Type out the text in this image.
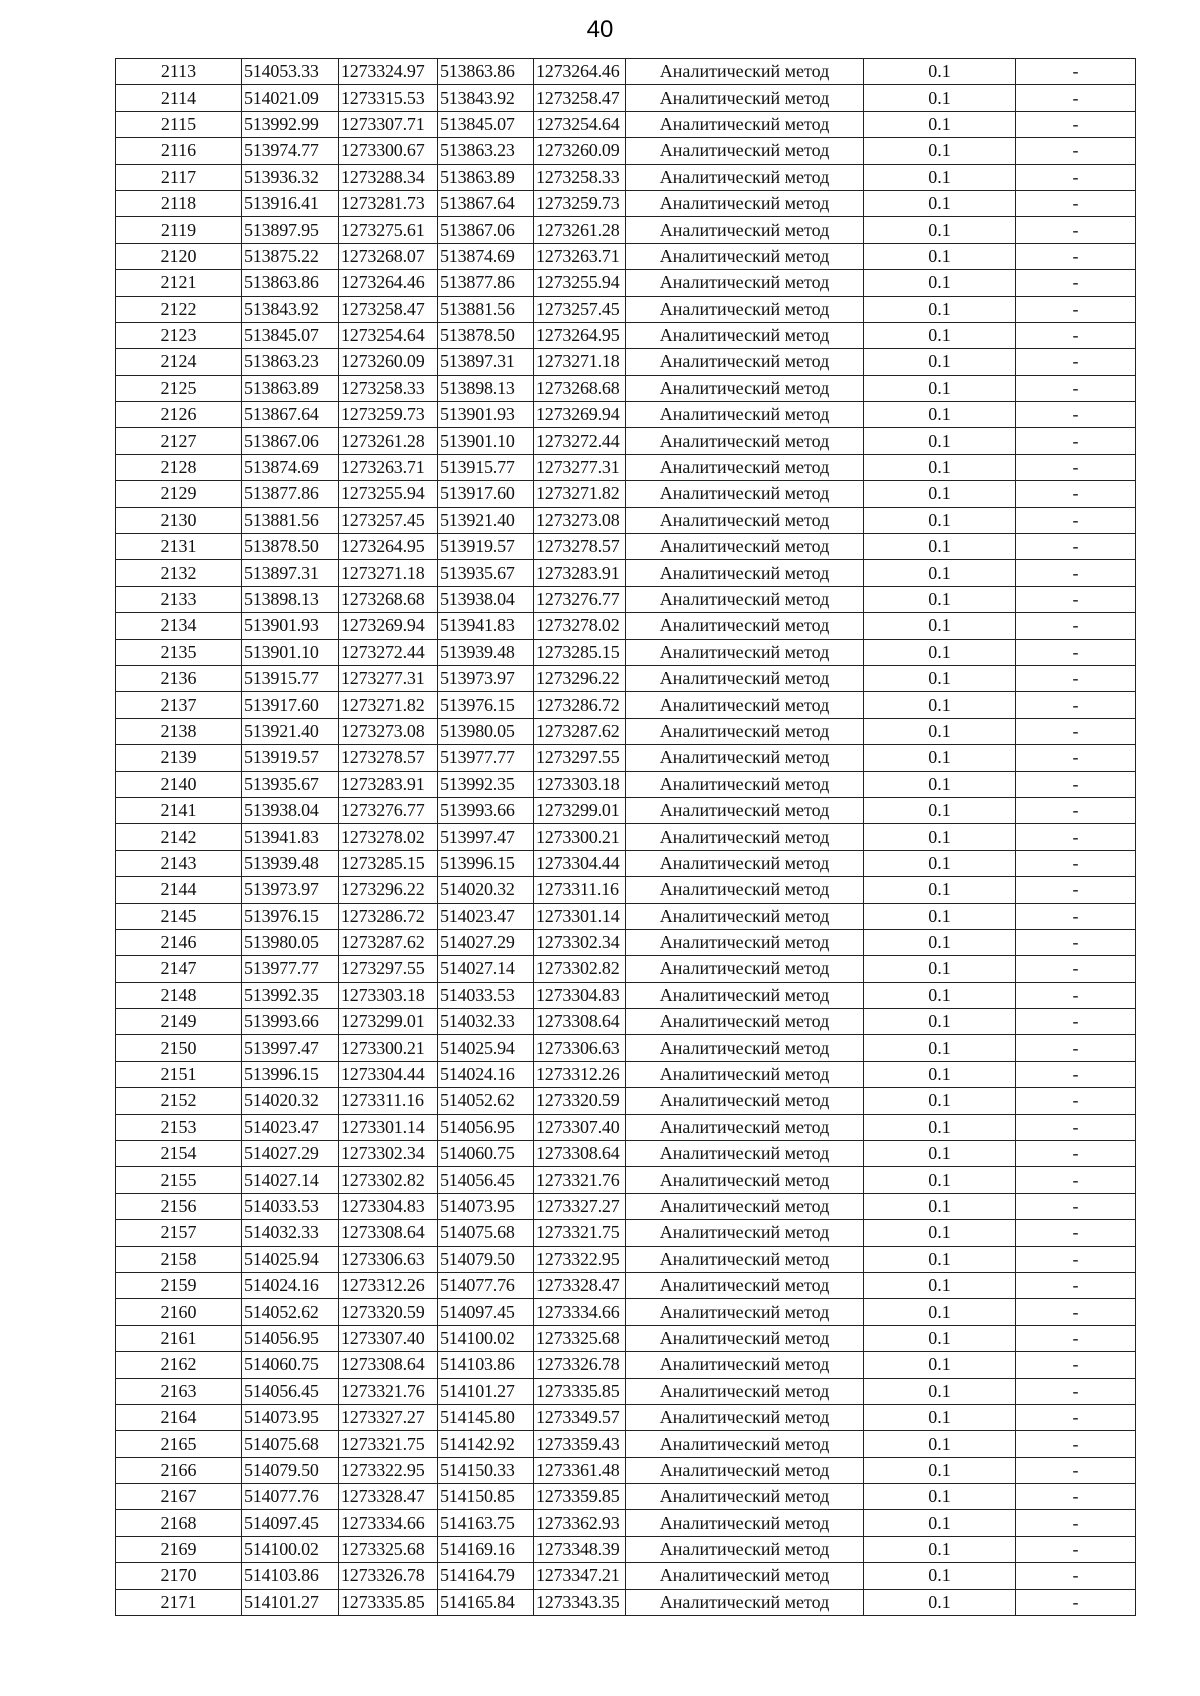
40
2113	514053.33	1273324.97	513863.86	1273264.46	Аналитический метод	0.1	-
2114	514021.09	1273315.53	513843.92	1273258.47	Аналитический метод	0.1	-
2115	513992.99	1273307.71	513845.07	1273254.64	Аналитический метод	0.1	-
2116	513974.77	1273300.67	513863.23	1273260.09	Аналитический метод	0.1	-
2117	513936.32	1273288.34	513863.89	1273258.33	Аналитический метод	0.1	-
2118	513916.41	1273281.73	513867.64	1273259.73	Аналитический метод	0.1	-
2119	513897.95	1273275.61	513867.06	1273261.28	Аналитический метод	0.1	-
2120	513875.22	1273268.07	513874.69	1273263.71	Аналитический метод	0.1	-
2121	513863.86	1273264.46	513877.86	1273255.94	Аналитический метод	0.1	-
2122	513843.92	1273258.47	513881.56	1273257.45	Аналитический метод	0.1	-
2123	513845.07	1273254.64	513878.50	1273264.95	Аналитический метод	0.1	-
2124	513863.23	1273260.09	513897.31	1273271.18	Аналитический метод	0.1	-
2125	513863.89	1273258.33	513898.13	1273268.68	Аналитический метод	0.1	-
2126	513867.64	1273259.73	513901.93	1273269.94	Аналитический метод	0.1	-
2127	513867.06	1273261.28	513901.10	1273272.44	Аналитический метод	0.1	-
2128	513874.69	1273263.71	513915.77	1273277.31	Аналитический метод	0.1	-
2129	513877.86	1273255.94	513917.60	1273271.82	Аналитический метод	0.1	-
2130	513881.56	1273257.45	513921.40	1273273.08	Аналитический метод	0.1	-
2131	513878.50	1273264.95	513919.57	1273278.57	Аналитический метод	0.1	-
2132	513897.31	1273271.18	513935.67	1273283.91	Аналитический метод	0.1	-
2133	513898.13	1273268.68	513938.04	1273276.77	Аналитический метод	0.1	-
2134	513901.93	1273269.94	513941.83	1273278.02	Аналитический метод	0.1	-
2135	513901.10	1273272.44	513939.48	1273285.15	Аналитический метод	0.1	-
2136	513915.77	1273277.31	513973.97	1273296.22	Аналитический метод	0.1	-
2137	513917.60	1273271.82	513976.15	1273286.72	Аналитический метод	0.1	-
2138	513921.40	1273273.08	513980.05	1273287.62	Аналитический метод	0.1	-
2139	513919.57	1273278.57	513977.77	1273297.55	Аналитический метод	0.1	-
2140	513935.67	1273283.91	513992.35	1273303.18	Аналитический метод	0.1	-
2141	513938.04	1273276.77	513993.66	1273299.01	Аналитический метод	0.1	-
2142	513941.83	1273278.02	513997.47	1273300.21	Аналитический метод	0.1	-
2143	513939.48	1273285.15	513996.15	1273304.44	Аналитический метод	0.1	-
2144	513973.97	1273296.22	514020.32	1273311.16	Аналитический метод	0.1	-
2145	513976.15	1273286.72	514023.47	1273301.14	Аналитический метод	0.1	-
2146	513980.05	1273287.62	514027.29	1273302.34	Аналитический метод	0.1	-
2147	513977.77	1273297.55	514027.14	1273302.82	Аналитический метод	0.1	-
2148	513992.35	1273303.18	514033.53	1273304.83	Аналитический метод	0.1	-
2149	513993.66	1273299.01	514032.33	1273308.64	Аналитический метод	0.1	-
2150	513997.47	1273300.21	514025.94	1273306.63	Аналитический метод	0.1	-
2151	513996.15	1273304.44	514024.16	1273312.26	Аналитический метод	0.1	-
2152	514020.32	1273311.16	514052.62	1273320.59	Аналитический метод	0.1	-
2153	514023.47	1273301.14	514056.95	1273307.40	Аналитический метод	0.1	-
2154	514027.29	1273302.34	514060.75	1273308.64	Аналитический метод	0.1	-
2155	514027.14	1273302.82	514056.45	1273321.76	Аналитический метод	0.1	-
2156	514033.53	1273304.83	514073.95	1273327.27	Аналитический метод	0.1	-
2157	514032.33	1273308.64	514075.68	1273321.75	Аналитический метод	0.1	-
2158	514025.94	1273306.63	514079.50	1273322.95	Аналитический метод	0.1	-
2159	514024.16	1273312.26	514077.76	1273328.47	Аналитический метод	0.1	-
2160	514052.62	1273320.59	514097.45	1273334.66	Аналитический метод	0.1	-
2161	514056.95	1273307.40	514100.02	1273325.68	Аналитический метод	0.1	-
2162	514060.75	1273308.64	514103.86	1273326.78	Аналитический метод	0.1	-
2163	514056.45	1273321.76	514101.27	1273335.85	Аналитический метод	0.1	-
2164	514073.95	1273327.27	514145.80	1273349.57	Аналитический метод	0.1	-
2165	514075.68	1273321.75	514142.92	1273359.43	Аналитический метод	0.1	-
2166	514079.50	1273322.95	514150.33	1273361.48	Аналитический метод	0.1	-
2167	514077.76	1273328.47	514150.85	1273359.85	Аналитический метод	0.1	-
2168	514097.45	1273334.66	514163.75	1273362.93	Аналитический метод	0.1	-
2169	514100.02	1273325.68	514169.16	1273348.39	Аналитический метод	0.1	-
2170	514103.86	1273326.78	514164.79	1273347.21	Аналитический метод	0.1	-
2171	514101.27	1273335.85	514165.84	1273343.35	Аналитический метод	0.1	-
